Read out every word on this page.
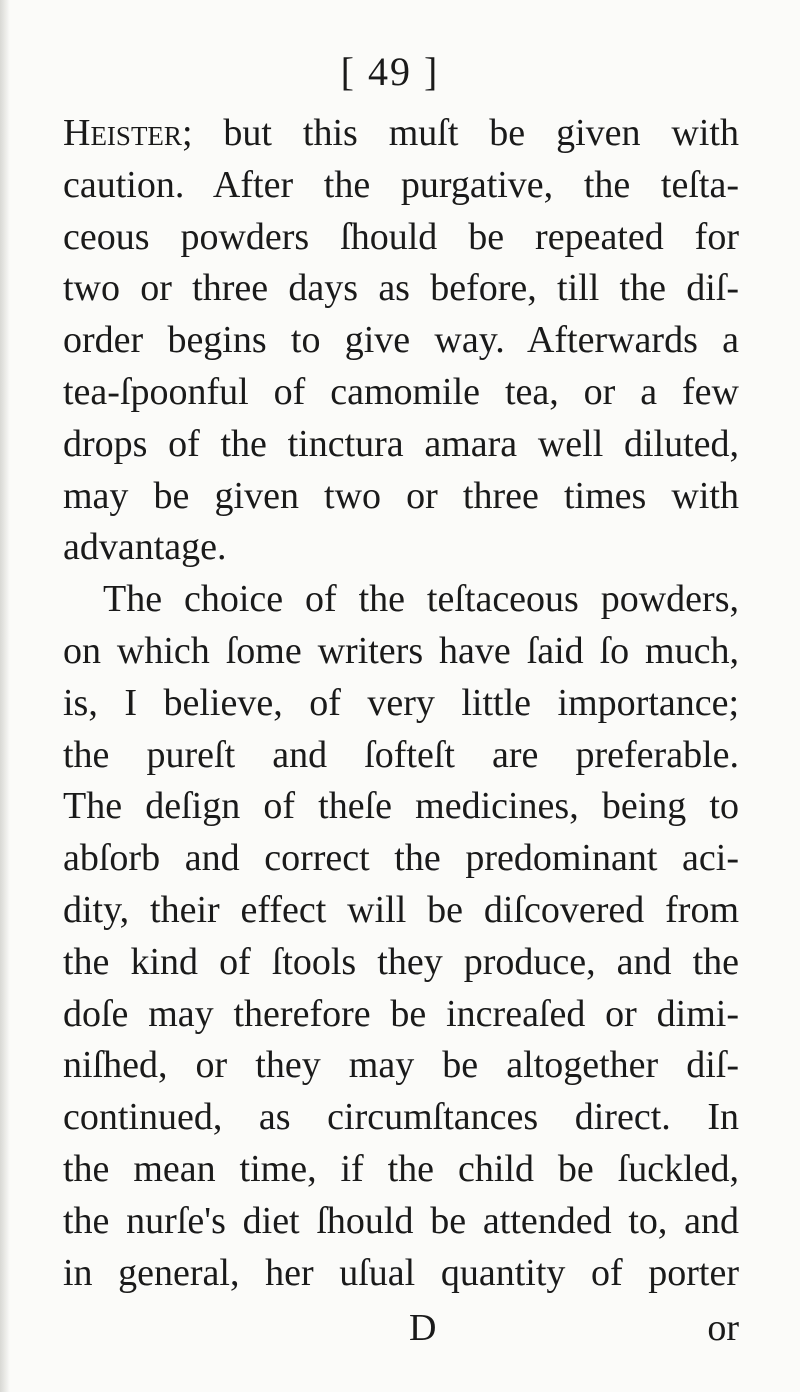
[ 49 ]
Heister; but this muſt be given with
caution. After the purgative, the teſta-
ceous powders ſhould be repeated for
two or three days as before, till the diſ-
order begins to give way. Afterwards a
tea-ſpoonful of camomile tea, or a few
drops of the tinctura amara well diluted,
may be given two or three times with
advantage.
The choice of the teſtaceous powders,
on which ſome writers have ſaid ſo much,
is, I believe, of very little importance;
the pureſt and ſofteſt are preferable.
The deſign of theſe medicines, being to
abſorb and correct the predominant aci-
dity, their effect will be diſcovered from
the kind of ſtools they produce, and the
doſe may therefore be increaſed or dimi-
niſhed, or they may be altogether diſ-
continued, as circumſtances direct. In
the mean time, if the child be ſuckled,
the nurſe's diet ſhould be attended to, and
in general, her uſual quantity of porter
D	or
